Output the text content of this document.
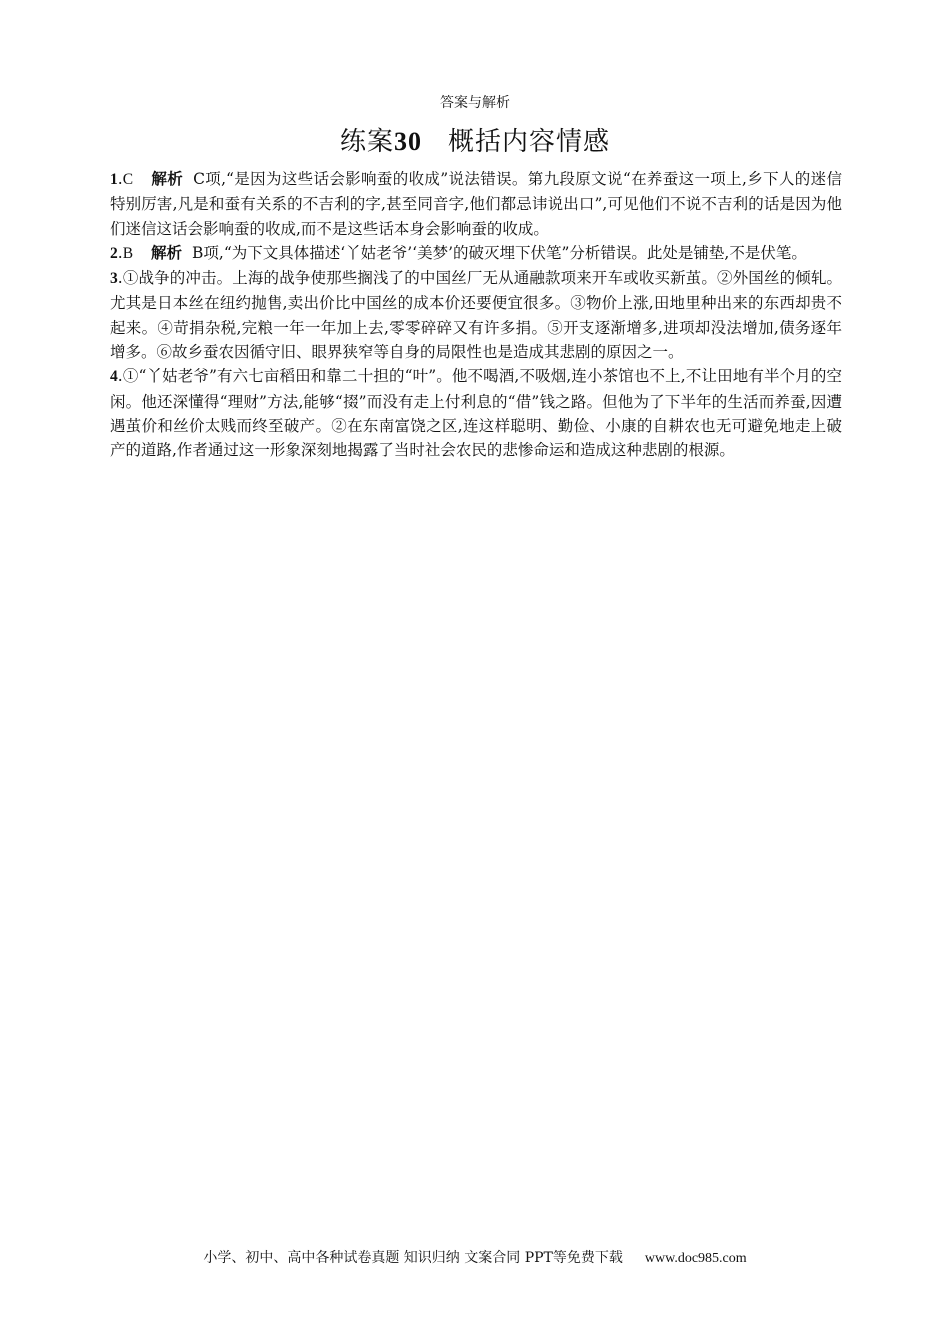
答案与解析
练案30 概括内容情感

1.C 解析 C项,“是因为这些话会影响蚕的收成”说法错误。第九段原文说“在养蚕这一项上,乡下人的迷信特别厉害,凡是和蚕有关系的不吉利的字,甚至同音字,他们都忌讳说出口”,可见他们不说不吉利的话是因为他们迷信这话会影响蚕的收成,而不是这些话本身会影响蚕的收成。

2.B 解析 B项,“为下文具体描述‘丫姑老爷’‘美梦’的破灭埋下伏笔”分析错误。此处是铺垫,不是伏笔。

3.①战争的冲击。上海的战争使那些搁浅了的中国丝厂无从通融款项来开车或收买新茧。②外国丝的倾轧。尤其是日本丝在纽约抛售,卖出价比中国丝的成本价还要便宜很多。③物价上涨,田地里种出来的东西却贵不起来。④苛捐杂税,完粮一年一年加上去,零零碎碎又有许多捐。⑤开支逐渐增多,进项却没法增加,债务逐年增多。⑥故乡蚕农因循守旧、眼界狭窄等自身的局限性也是造成其悲剧的原因之一。

4.①“丫姑老爷”有六七亩稻田和靠二十担的“叶”。他不喝酒,不吸烟,连小茶馆也不上,不让田地有半个月的空闲。他还深懂得“理财”方法,能够“掇”而没有走上付利息的“借”钱之路。但他为了下半年的生活而养蚕,因遭遇茧价和丝价太贱而终至破产。②在东南富饶之区,连这样聪明、勤俭、小康的自耕农也无可避免地走上破产的道路,作者通过这一形象深刻地揭露了当时社会农民的悲惨命运和造成这种悲剧的根源。

小学、初中、高中各种试卷真题 知识归纳 文案合同 PPT等免费下载 www.doc985.com
